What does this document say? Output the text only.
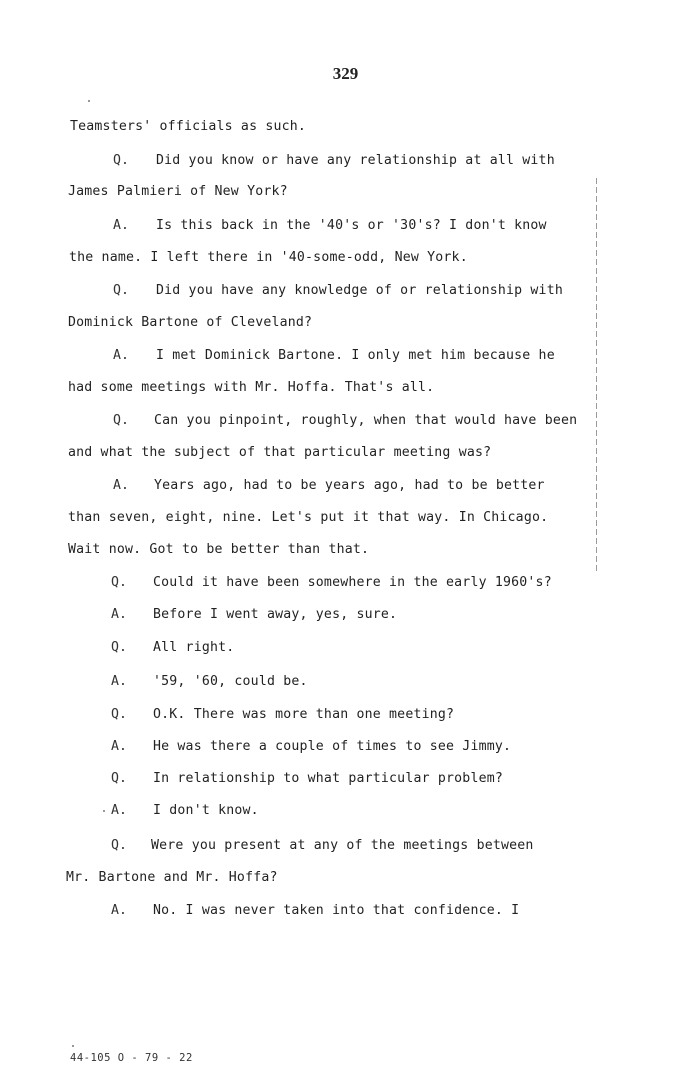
329
Teamsters' officials as such.
Q. Did you know or have any relationship at all with
James Palmieri of New York?
A. Is this back in the '40's or '30's? I don't know
the name. I left there in '40-some-odd, New York.
Q. Did you have any knowledge of or relationship with
Dominick Bartone of Cleveland?
A. I met Dominick Bartone. I only met him because he
had some meetings with Mr. Hoffa. That's all.
Q. Can you pinpoint, roughly, when that would have been
and what the subject of that particular meeting was?
A. Years ago, had to be years ago, had to be better
than seven, eight, nine. Let's put it that way. In Chicago.
Wait now. Got to be better than that.
Q. Could it have been somewhere in the early 1960's?
A. Before I went away, yes, sure.
Q. All right.
A. '59, '60, could be.
Q. O.K. There was more than one meeting?
A. He was there a couple of times to see Jimmy.
Q. In relationship to what particular problem?
A. I don't know.
Q. Were you present at any of the meetings between
Mr. Bartone and Mr. Hoffa?
A. No. I was never taken into that confidence. I
44-105 O - 79 - 22
